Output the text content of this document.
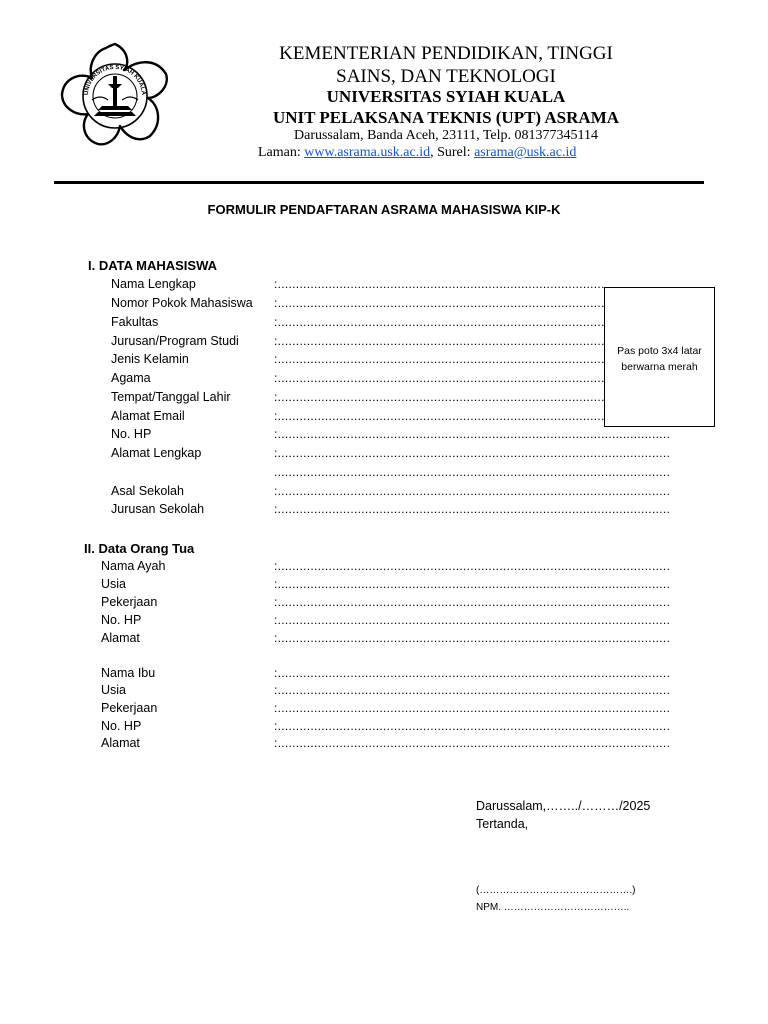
UNIVERSITAS SYIAH KUALA
KEMENTERIAN PENDIDIKAN, TINGGI
SAINS, DAN TEKNOLOGI
UNIVERSITAS SYIAH KUALA
UNIT PELAKSANA TEKNIS (UPT) ASRAMA
Darussalam, Banda Aceh, 23111, Telp. 081377345114
Laman: www.asrama.usk.ac.id, Surel: asrama@usk.ac.id
FORMULIR PENDAFTARAN ASRAMA MAHASISWA KIP-K
I. DATA MAHASISWA
Nama Lengkap	: .....
Nomor Pokok Mahasiswa : .....
Fakultas	: .....
Jurusan/Program Studi	: .....
Jenis Kelamin	: .....
Agama	: .....
Tempat/Tanggal Lahir	: .....
Alamat Email	: .....
No. HP	: .....
Alamat Lengkap	: .....
.....
Asal Sekolah	: .....
Jurusan Sekolah	: .....
Pas poto 3x4 latar berwarna merah
II. Data Orang Tua
Nama Ayah	: .....
Usia	: .....
Pekerjaan	: .....
No. HP	: .....
Alamat	: .....
Nama Ibu	: .....
Usia	: .....
Pekerjaan	: .....
No. HP	: .....
Alamat	: .....
Darussalam,……../………/2025
Tertanda,
(……………………………………….)
NPM. ………………………………..
